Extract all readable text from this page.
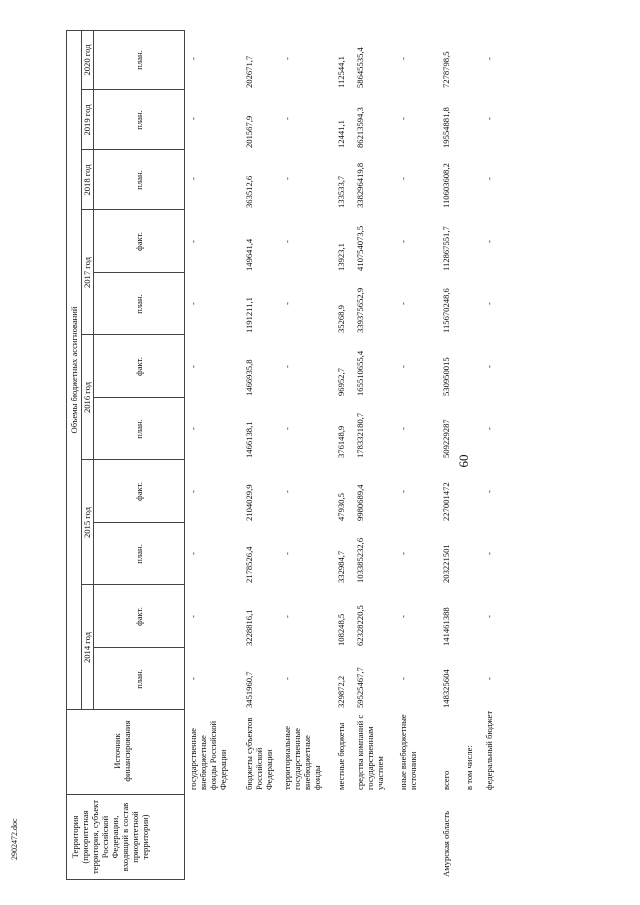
60
2902472.doc	Территория (приоритетная территория, субъект Российской Федерации, входящий в состав приоритетной территории)
Источник финансирования
Объемы бюджетных ассигнований
2014 год
2015 год
2016 год
2017 год
2018 год
2019 год
2020 год
план.
факт.
план.
факт.
план.
факт.
план.
факт.
план.
план.
план.
государственные внебюджетные фонды Российской Федерации
-
-
-
-
-
-
-
-
-
-
-
бюджеты субъектов Российской Федерации
3451960,7
3228816,1
2178526,4
2104029,9
1466138,1
1466935,8
1191211,1
149641,4
363512,6
201567,9
202671,7
территориальные государственные внебюджетные фонды
-
-
-
-
-
-
-
-
-
-
-
местные бюджеты
329872,2
108248,5
332984,7
47930,5
376148,9
96952,7
35268,9
13923,1
133533,7
12441,1
112544,1
средства компаний с государственным участием
59525467,7
62328220,5
103385232,6
9980689,4
178332180,7
165510655,4
339375652,9
410754073,5
338296419,8
86213594,3
58645535,4
иные внебюджетные источники
-
-
-
-
-
-
-
-
-
-
-
Амурская область
всего
148325604
141461388
203221501
227001472
509229287
530950015
115670248,6
112867551,7
110603608,2
19554881,8
7278798,5
в том числе: федеральный бюджет
-
-
-
-
-
-
-
-
-
-
-
